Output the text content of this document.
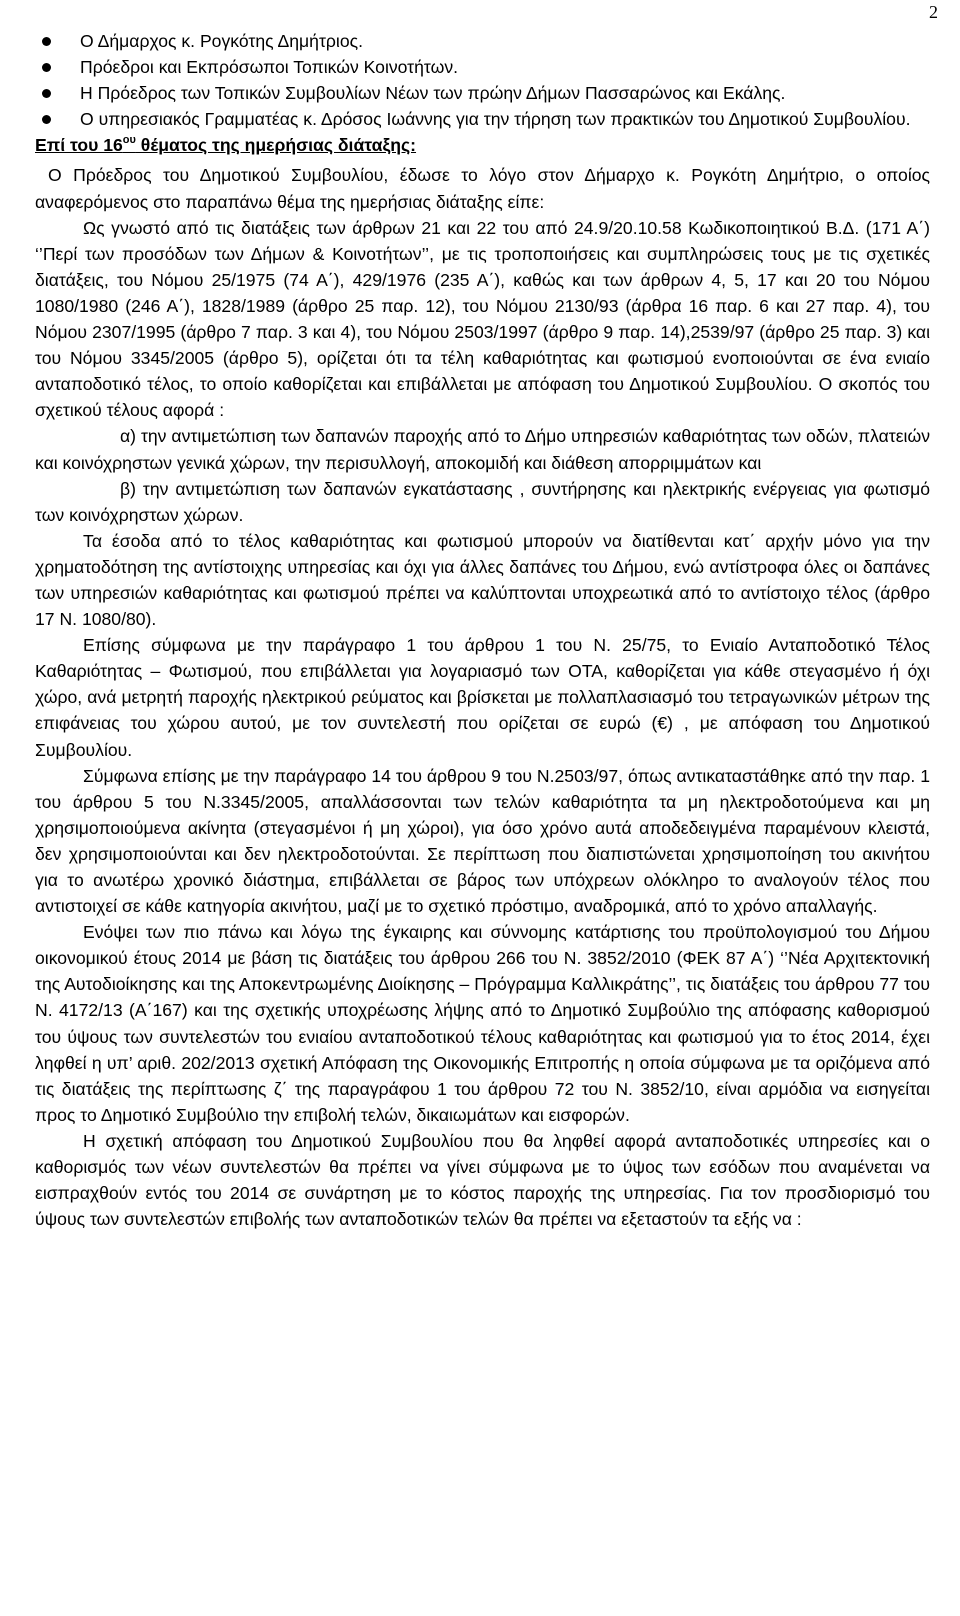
2
Ο Δήμαρχος κ. Ρογκότης Δημήτριος.
Πρόεδροι και Εκπρόσωποι Τοπικών Κοινοτήτων.
Η Πρόεδρος των Τοπικών Συμβουλίων Νέων των πρώην Δήμων Πασσαρώνος και Εκάλης.
Ο υπηρεσιακός Γραμματέας κ. Δρόσος Ιωάννης για την τήρηση των πρακτικών του Δημοτικού Συμβουλίου.
Επί του $16^{o\upsilon}$ θέματος της ημερήσιας διάταξης:

Ο Πρόεδρος του Δημοτικού Συμβουλίου, έδωσε το λόγο στον Δήμαρχο κ. Ρογκότη Δημήτριο, ο οποίος αναφερόμενος στο παραπάνω θέμα της ημερήσιας διάταξης είπε:

Ως γνωστό από τις διατάξεις των άρθρων 21 και 22 του από 24.9/20.10.58 Κωδικοποιητικού Β.Δ. (171 Α΄) ‘’Περί των προσόδων των Δήμων & Κοινοτήτων’’, με τις τροποποιήσεις και συμπληρώσεις τους με τις σχετικές διατάξεις, του Νόμου 25/1975 (74 Α΄), 429/1976 (235 Α΄), καθώς και των άρθρων 4, 5, 17 και 20 του Νόμου 1080/1980 (246 Α΄), 1828/1989 (άρθρο 25 παρ. 12), του Νόμου 2130/93 (άρθρα 16 παρ. 6 και 27 παρ. 4), του Νόμου 2307/1995 (άρθρο 7 παρ. 3 και 4), του Νόμου 2503/1997 (άρθρο 9 παρ. 14),2539/97 (άρθρο 25 παρ. 3) και του Νόμου 3345/2005 (άρθρο 5), ορίζεται ότι τα τέλη καθαριότητας και φωτισμού ενοποιούνται σε ένα ενιαίο ανταποδοτικό τέλος, το οποίο καθορίζεται και επιβάλλεται με απόφαση του Δημοτικού Συμβουλίου. Ο σκοπός του σχετικού τέλους αφορά :

α) την αντιμετώπιση των δαπανών παροχής από το Δήμο υπηρεσιών καθαριότητας των οδών, πλατειών και κοινόχρηστων γενικά χώρων, την περισυλλογή, αποκομιδή και διάθεση απορριμμάτων και

β) την αντιμετώπιση των δαπανών εγκατάστασης , συντήρησης και ηλεκτρικής ενέργειας για φωτισμό των κοινόχρηστων χώρων.

Τα έσοδα από το τέλος καθαριότητας και φωτισμού μπορούν να διατίθενται κατ΄ αρχήν μόνο για την χρηματοδότηση της αντίστοιχης υπηρεσίας και όχι για άλλες δαπάνες του Δήμου, ενώ αντίστροφα όλες οι δαπάνες των υπηρεσιών καθαριότητας και φωτισμού πρέπει να καλύπτονται υποχρεωτικά από το αντίστοιχο τέλος (άρθρο 17 Ν. 1080/80).

Επίσης σύμφωνα με την παράγραφο 1 του άρθρου 1 του Ν. 25/75, το Ενιαίο Ανταποδοτικό Τέλος Καθαριότητας – Φωτισμού, που επιβάλλεται για λογαριασμό των ΟΤΑ, καθορίζεται για κάθε στεγασμένο ή όχι χώρο, ανά μετρητή παροχής ηλεκτρικού ρεύματος και βρίσκεται με πολλαπλασιασμό του τετραγωνικών μέτρων της επιφάνειας του χώρου αυτού, με τον συντελεστή που ορίζεται σε ευρώ (€) , με απόφαση του Δημοτικού Συμβουλίου.

Σύμφωνα επίσης με την παράγραφο 14 του άρθρου 9 του Ν.2503/97, όπως αντικαταστάθηκε από την παρ. 1 του άρθρου 5 του Ν.3345/2005, απαλλάσσονται των τελών καθαριότητα τα μη ηλεκτροδοτούμενα και μη χρησιμοποιούμενα ακίνητα (στεγασμένοι ή μη χώροι), για όσο χρόνο αυτά αποδεδειγμένα παραμένουν κλειστά, δεν χρησιμοποιούνται και δεν ηλεκτροδοτούνται. Σε περίπτωση που διαπιστώνεται χρησιμοποίηση του ακινήτου για το ανωτέρω χρονικό διάστημα, επιβάλλεται σε βάρος των υπόχρεων ολόκληρο το αναλογούν τέλος που αντιστοιχεί σε κάθε κατηγορία ακινήτου, μαζί με το σχετικό πρόστιμο, αναδρομικά, από το χρόνο απαλλαγής.

Ενόψει των πιο πάνω και λόγω της έγκαιρης και σύννομης κατάρτισης του προϋπολογισμού του Δήμου οικονομικού έτους 2014 με βάση τις διατάξεις του άρθρου 266 του Ν. 3852/2010 (ΦΕΚ 87 Α΄) ‘’Νέα Αρχιτεκτονική της Αυτοδιοίκησης και της Αποκεντρωμένης Διοίκησης – Πρόγραμμα Καλλικράτης’’, τις διατάξεις του άρθρου 77 του Ν. 4172/13 (Α΄167) και της σχετικής υποχρέωσης λήψης από το Δημοτικό Συμβούλιο της απόφασης καθορισμού του ύψους των συντελεστών του ενιαίου ανταποδοτικού τέλους καθαριότητας και φωτισμού για το έτος 2014, έχει ληφθεί η υπ’ αριθ. 202/2013 σχετική Απόφαση της Οικονομικής Επιτροπής η οποία σύμφωνα με τα οριζόμενα από τις διατάξεις της περίπτωσης ζ΄ της παραγράφου 1 του άρθρου 72 του Ν. 3852/10, είναι αρμόδια να εισηγείται προς το Δημοτικό Συμβούλιο την επιβολή τελών, δικαιωμάτων και εισφορών.

Η σχετική απόφαση του Δημοτικού Συμβουλίου που θα ληφθεί αφορά ανταποδοτικές υπηρεσίες και ο καθορισμός των νέων συντελεστών θα πρέπει να γίνει σύμφωνα με το ύψος των εσόδων που αναμένεται να εισπραχθούν εντός του 2014 σε συνάρτηση με το κόστος παροχής της υπηρεσίας. Για τον προσδιορισμό του ύψους των συντελεστών επιβολής των ανταποδοτικών τελών θα πρέπει να εξεταστούν τα εξής να :
